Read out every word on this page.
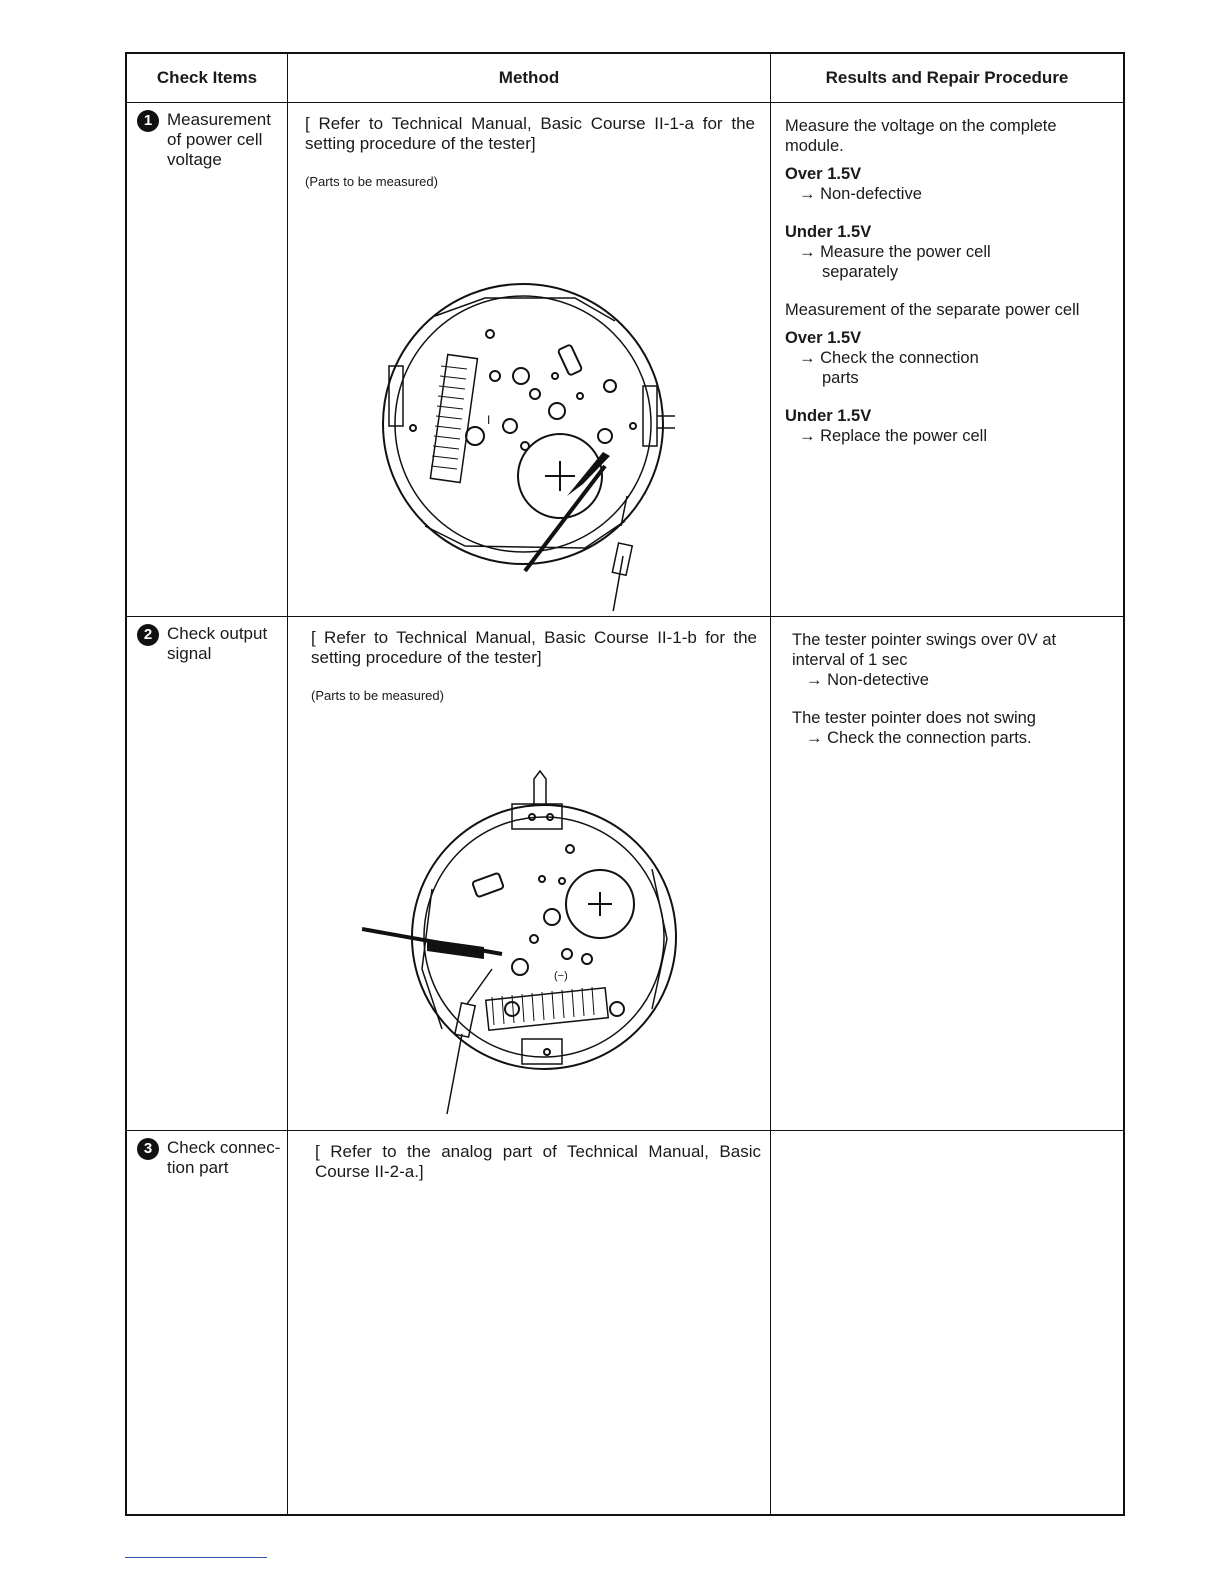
Check Items	Method	Results and Repair Procedure
1 Measurement of power cell voltage
[ Refer to Technical Manual, Basic Course II-1-a for the setting procedure of the tester]
(Parts to be measured)

Measure the voltage on the complete module.

Over 1.5V
→ Non-defective

Under 1.5V
→ Measure the power cell
separately

Measurement of the separate power cell

Over 1.5V
→ Check the connection
parts

Under 1.5V
→ Replace the power cell

I
2 Check output signal
[ Refer to Technical Manual, Basic Course II-1-b for the setting procedure of the tester]
(Parts to be measured)

The tester pointer swings over 0V at interval of 1 sec
→ Non-detective

The tester pointer does not swing
→ Check the connection parts.

(−)
3 Check connec- tion part
[ Refer to the analog part of Technical Manual, Basic Course II-2-a.]
